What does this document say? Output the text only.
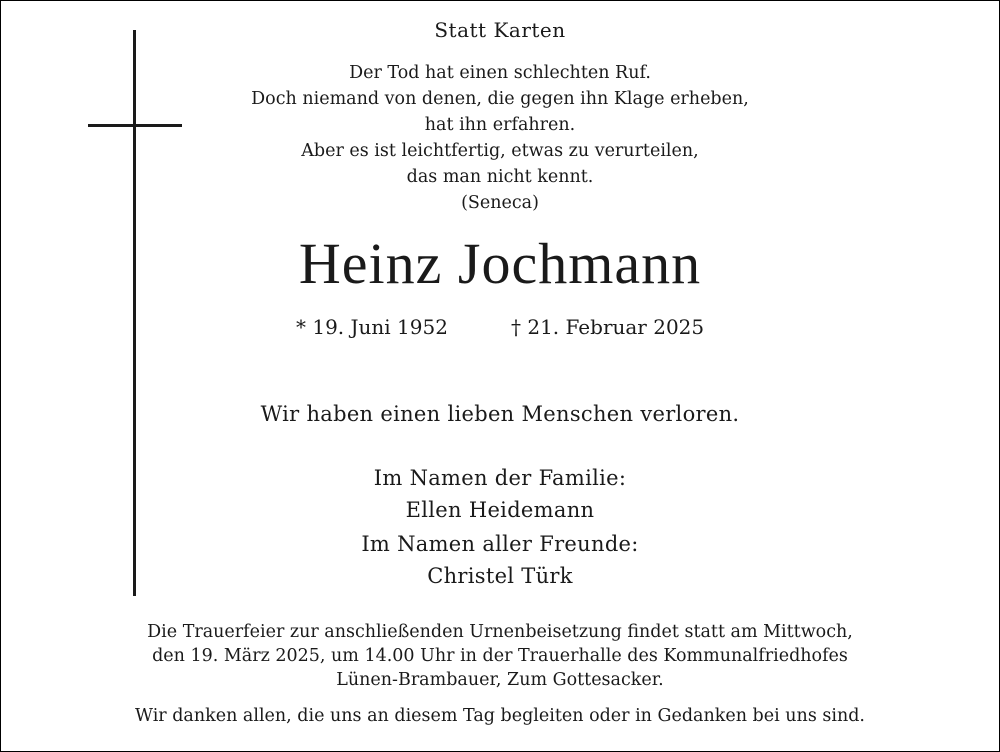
Statt Karten
Der Tod hat einen schlechten Ruf.
Doch niemand von denen, die gegen ihn Klage erheben,
hat ihn erfahren.
Aber es ist leichtfertig, etwas zu verurteilen,
das man nicht kennt.
(Seneca)
Heinz Jochmann
* 19. Juni 1952	† 21. Februar 2025
Wir haben einen lieben Menschen verloren.
Im Namen der Familie:
Ellen Heidemann
Im Namen aller Freunde:
Christel Türk
Die Trauerfeier zur anschließenden Urnenbeisetzung findet statt am Mittwoch,
den 19. März 2025, um 14.00 Uhr in der Trauerhalle des Kommunalfriedhofes
Lünen-Brambauer, Zum Gottesacker.
Wir danken allen, die uns an diesem Tag begleiten oder in Gedanken bei uns sind.
